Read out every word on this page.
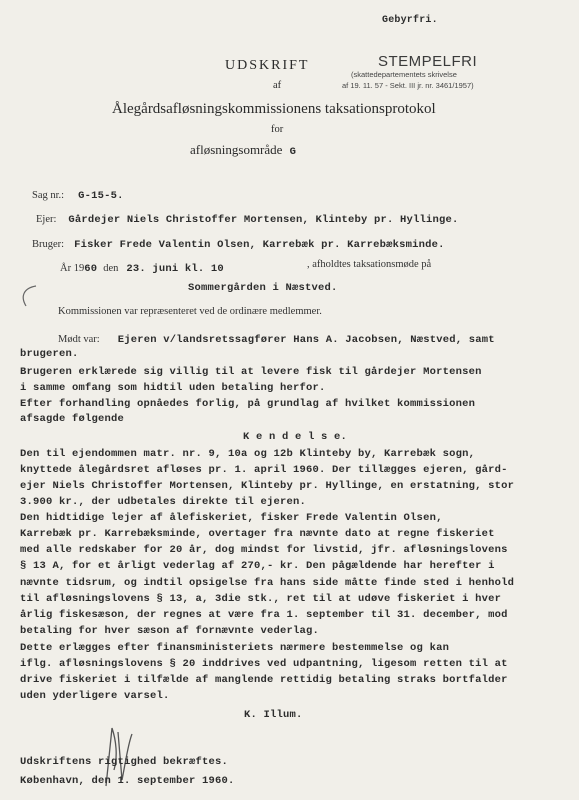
Gebyrfri.
UDSKRIFT	STEMPELFRI
(skattedepartementets skrivelse
af 19. 11. 57 - Sekt. III jr. nr. 3461/1957)
af
Ålegårdsafløsningskommissionens taksationsprotokol
for
afløsningsområde G
Sag nr.: G-15-5.
Ejer: Gårdejer Niels Christoffer Mortensen, Klinteby pr. Hyllinge.
Bruger: Fisker Frede Valentin Olsen, Karrebæk pr. Karrebæksminde.
År 1960 den 23. juni kl. 10	, afholdtes taksationsmøde på
Sommergården i Næstved.
Kommissionen var repræsenteret ved de ordinære medlemmer.
Mødt var: Ejeren v/landsretssagfører Hans A. Jacobsen, Næstved, samt
brugeren.
Brugeren erklærede sig villig til at levere fisk til gårdejer Mortensen
i samme omfang som hidtil uden betaling herfor.
Efter forhandling opnåedes forlig, på grundlag af hvilket kommissionen
afsagde følgende
K e n d e l s e.
Den til ejendommen matr. nr. 9, 10a og 12b Klinteby by, Karrebæk sogn,
knyttede ålegårdsret afløses pr. 1. april 1960. Der tillægges ejeren, gård-
ejer Niels Christoffer Mortensen, Klinteby pr. Hyllinge, en erstatning, stor
3.900 kr., der udbetales direkte til ejeren.
Den hidtidige lejer af ålefiskeriet, fisker Frede Valentin Olsen,
Karrebæk pr. Karrebæksminde, overtager fra nævnte dato at regne fiskeriet
med alle redskaber for 20 år, dog mindst for livstid, jfr. afløsningslovens
§ 13 A, for et årligt vederlag af 270,- kr. Den pågældende har herefter i
nævnte tidsrum, og indtil opsigelse fra hans side måtte finde sted i henhold
til afløsningslovens § 13, a, 3die stk., ret til at udøve fiskeriet i hver
årlig fiskesæson, der regnes at være fra 1. september til 31. december, mod
betaling for hver sæson af fornævnte vederlag.
Dette erlægges efter finansministeriets nærmere bestemmelse og kan
iflg. afløsningslovens § 20 inddrives ved udpantning, ligesom retten til at
drive fiskeriet i tilfælde af manglende rettidig betaling straks bortfalder
uden yderligere varsel.
K. Illum.
Udskriftens rigtighed bekræftes.
København, den 1. september 1960.
